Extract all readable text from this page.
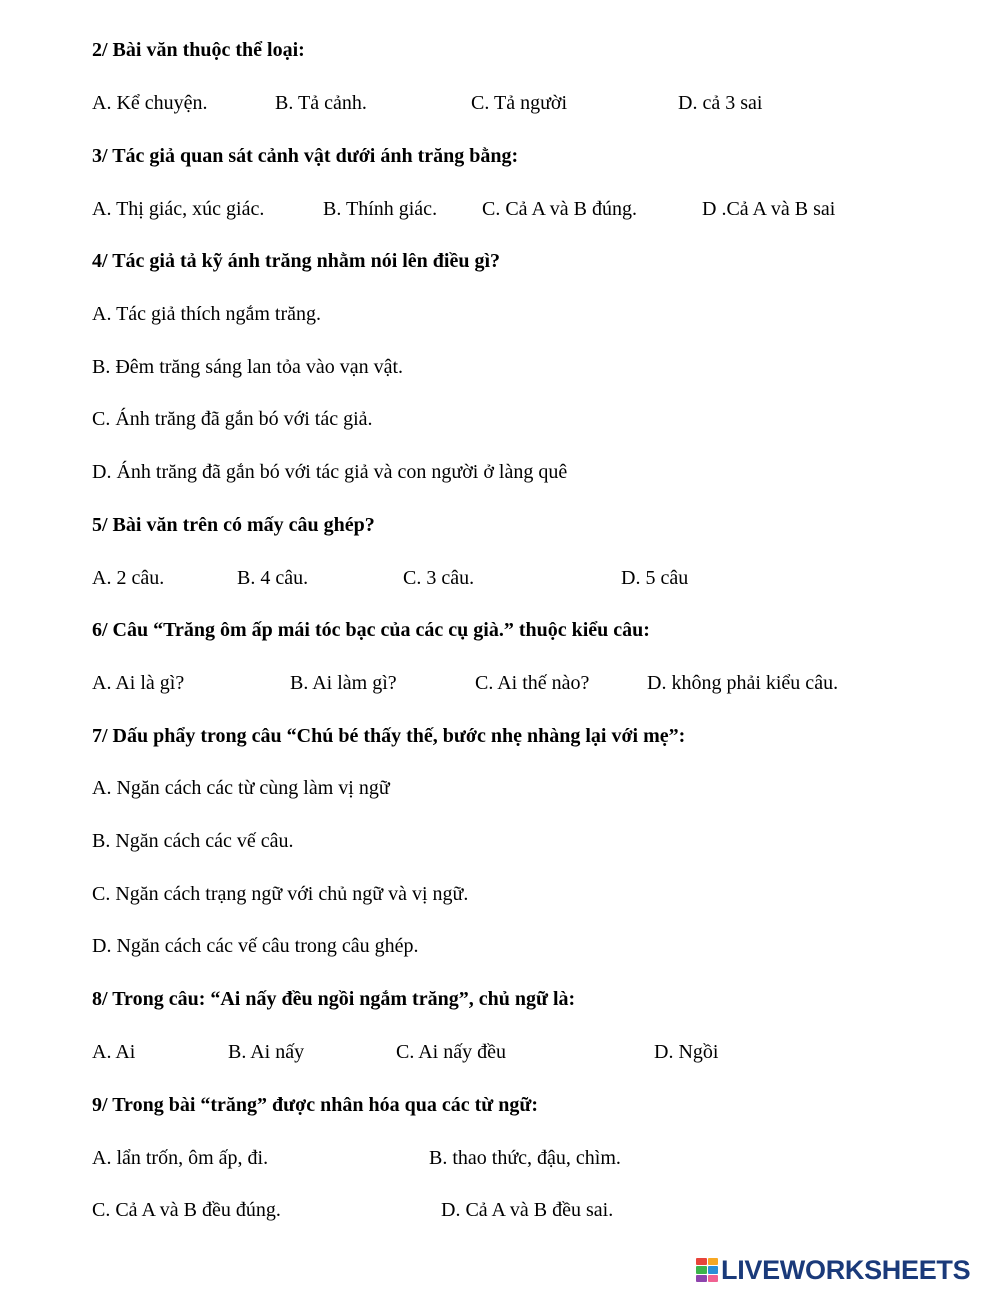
2/ Bài văn thuộc thể loại:
A. Kể chuyện.	B. Tả cảnh.	C. Tả người	D. cả 3 sai
3/ Tác giả quan sát cảnh vật dưới ánh trăng bằng:
A. Thị giác, xúc giác.	B. Thính giác. C. Cả A và B đúng.	D .Cả A và B sai
4/ Tác giả tả kỹ ánh trăng nhằm nói lên điều gì?
A. Tác giả thích ngắm trăng.
B. Đêm trăng sáng lan tỏa vào vạn vật.
C. Ánh trăng đã gắn bó với tác giả.
D. Ánh trăng đã gắn bó với tác giả và con người ở làng quê
5/ Bài văn trên có mấy câu ghép?
A. 2 câu.	B. 4 câu.	C. 3 câu.	D. 5 câu
6/ Câu “Trăng ôm ấp mái tóc bạc của các cụ già.” thuộc kiểu câu:
A. Ai là gì?	B. Ai làm gì?	C. Ai thế nào?	D. không phải kiểu câu.
7/ Dấu phẩy trong câu “Chú bé thấy thế, bước nhẹ nhàng lại với mẹ”:
A. Ngăn cách các từ cùng làm vị ngữ
B. Ngăn cách các vế câu.
C. Ngăn cách trạng ngữ với chủ ngữ và vị ngữ.
D. Ngăn cách các vế câu trong câu ghép.
8/ Trong câu: “Ai nấy đều ngồi ngắm trăng”, chủ ngữ là:
A. Ai	B. Ai nấy	C. Ai nấy đều	D. Ngồi
9/ Trong bài “trăng” được nhân hóa qua các từ ngữ:
A. lẩn trốn, ôm ấp, đi.	B. thao thức, đậu, chìm.
C. Cả A và B đều đúng.	D. Cả A và B đều sai.
LIVEWORKSHEETS
